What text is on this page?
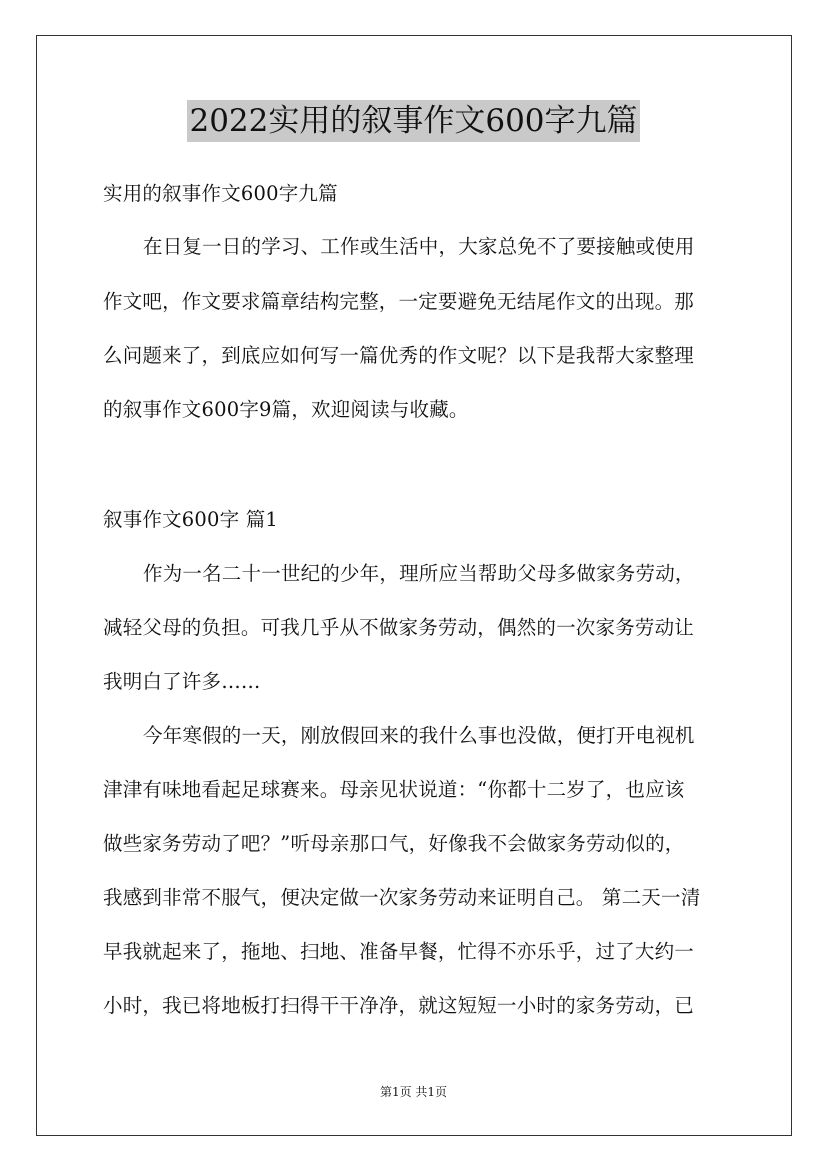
2022实用的叙事作文600字九篇
实用的叙事作文600字九篇
在日复一日的学习、工作或生活中，大家总免不了要接触或使用
作文吧，作文要求篇章结构完整，一定要避免无结尾作文的出现。那
么问题来了，到底应如何写一篇优秀的作文呢？以下是我帮大家整理
的叙事作文600字9篇，欢迎阅读与收藏。
叙事作文600字 篇1
作为一名二十一世纪的少年，理所应当帮助父母多做家务劳动，
减轻父母的负担。可我几乎从不做家务劳动，偶然的一次家务劳动让
我明白了许多……
今年寒假的一天，刚放假回来的我什么事也没做，便打开电视机
津津有味地看起足球赛来。母亲见状说道：“你都十二岁了，也应该
做些家务劳动了吧？”听母亲那口气，好像我不会做家务劳动似的，
我感到非常不服气，便决定做一次家务劳动来证明自己。 第二天一清
早我就起来了，拖地、扫地、准备早餐，忙得不亦乐乎，过了大约一
小时，我已将地板打扫得干干净净，就这短短一小时的家务劳动，已
第1页 共1页
